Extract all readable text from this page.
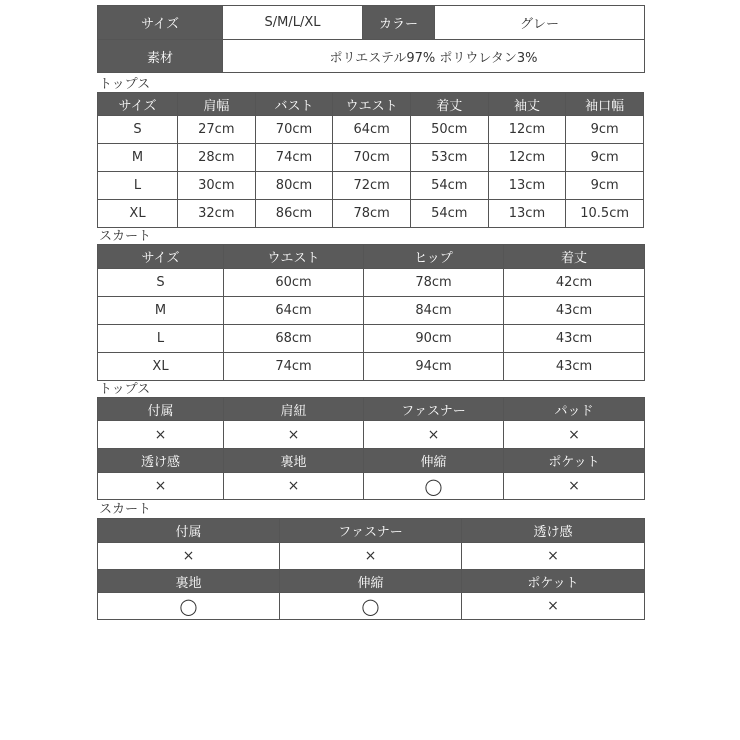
サイズ	S/M/L/XL	カラー	グレー
素材	ポリエステル97% ポリウレタン3%		
トップス
サイズ	肩幅	バスト	ウエスト	着丈	袖丈	袖口幅
S	27cm	70cm	64cm	50cm	12cm	9cm
M	28cm	74cm	70cm	53cm	12cm	9cm
L	30cm	80cm	72cm	54cm	13cm	9cm
XL	32cm	86cm	78cm	54cm	13cm	10.5cm
スカート
サイズ	ウエスト	ヒップ	着丈
S	60cm	78cm	42cm
M	64cm	84cm	43cm
L	68cm	90cm	43cm
XL	74cm	94cm	43cm
トップス
付属	肩紐	ファスナー	パッド
×	×	×	×
透け感	裏地	伸縮	ポケット
×	×	◯	×
スカート
付属	ファスナー	透け感
×	×	×
裏地	伸縮	ポケット
◯	◯	×
